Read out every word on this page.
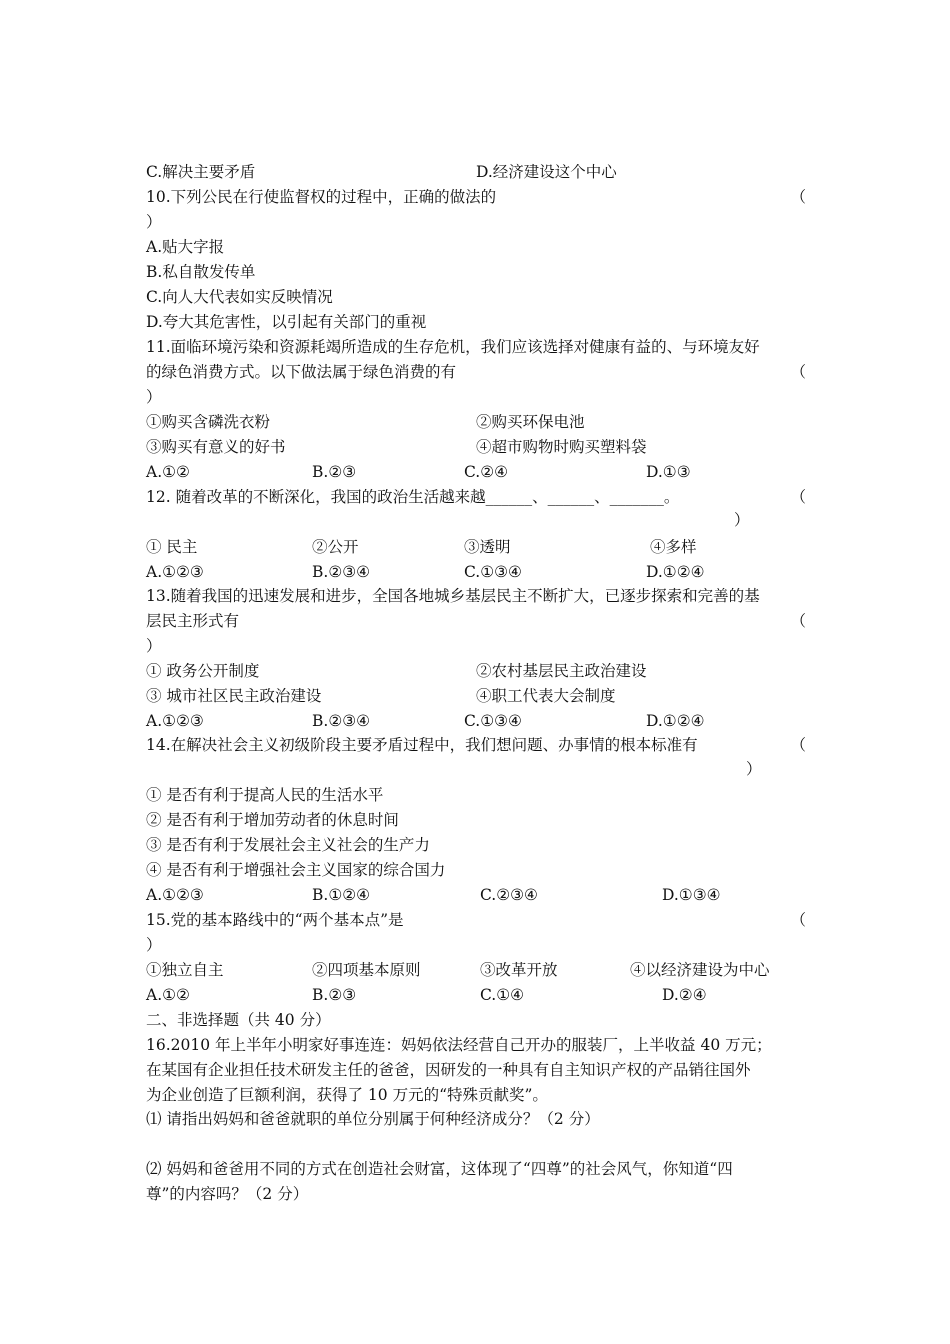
C.解决主要矛盾	D.经济建设这个中心
10.下列公民在行使监督权的过程中，正确的做法的	（
）
A.贴大字报
B.私自散发传单
C.向人大代表如实反映情况
D.夸大其危害性，以引起有关部门的重视
11.面临环境污染和资源耗竭所造成的生存危机，我们应该选择对健康有益的、与环境友好
的绿色消费方式。以下做法属于绿色消费的有	（
）
①购买含磷洗衣粉	②购买环保电池
③购买有意义的好书	④超市购物时购买塑料袋
A.①②	B.②③	C.②④	D.①③
12. 随着改革的不断深化，我国的政治生活越来越______、______、_______。	（
）
① 民主	②公开	③透明	④多样
A.①②③	B.②③④	C.①③④	D.①②④
13.随着我国的迅速发展和进步，全国各地城乡基层民主不断扩大，已逐步探索和完善的基
层民主形式有	（
）
① 政务公开制度	②农村基层民主政治建设
③ 城市社区民主政治建设	④职工代表大会制度
A.①②③	B.②③④	C.①③④	D.①②④
14.在解决社会主义初级阶段主要矛盾过程中，我们想问题、办事情的根本标准有	（
）
① 是否有利于提高人民的生活水平
② 是否有利于增加劳动者的休息时间
③ 是否有利于发展社会主义社会的生产力
④ 是否有利于增强社会主义国家的综合国力
A.①②③	B.①②④	C.②③④	D.①③④
15.党的基本路线中的“两个基本点”是	（
）
①独立自主	②四项基本原则	③改革开放	④以经济建设为中心
A.①②	B.②③	C.①④	D.②④
二、非选择题（共 40 分）
16.2010 年上半年小明家好事连连：妈妈依法经营自己开办的服装厂，上半收益 40 万元；
在某国有企业担任技术研发主任的爸爸，因研发的一种具有自主知识产权的产品销往国外
为企业创造了巨额利润，获得了 10 万元的“特殊贡献奖”。
⑴ 请指出妈妈和爸爸就职的单位分别属于何种经济成分？（2 分）
⑵ 妈妈和爸爸用不同的方式在创造社会财富，这体现了“四尊”的社会风气，你知道“四
尊”的内容吗？（2 分）
